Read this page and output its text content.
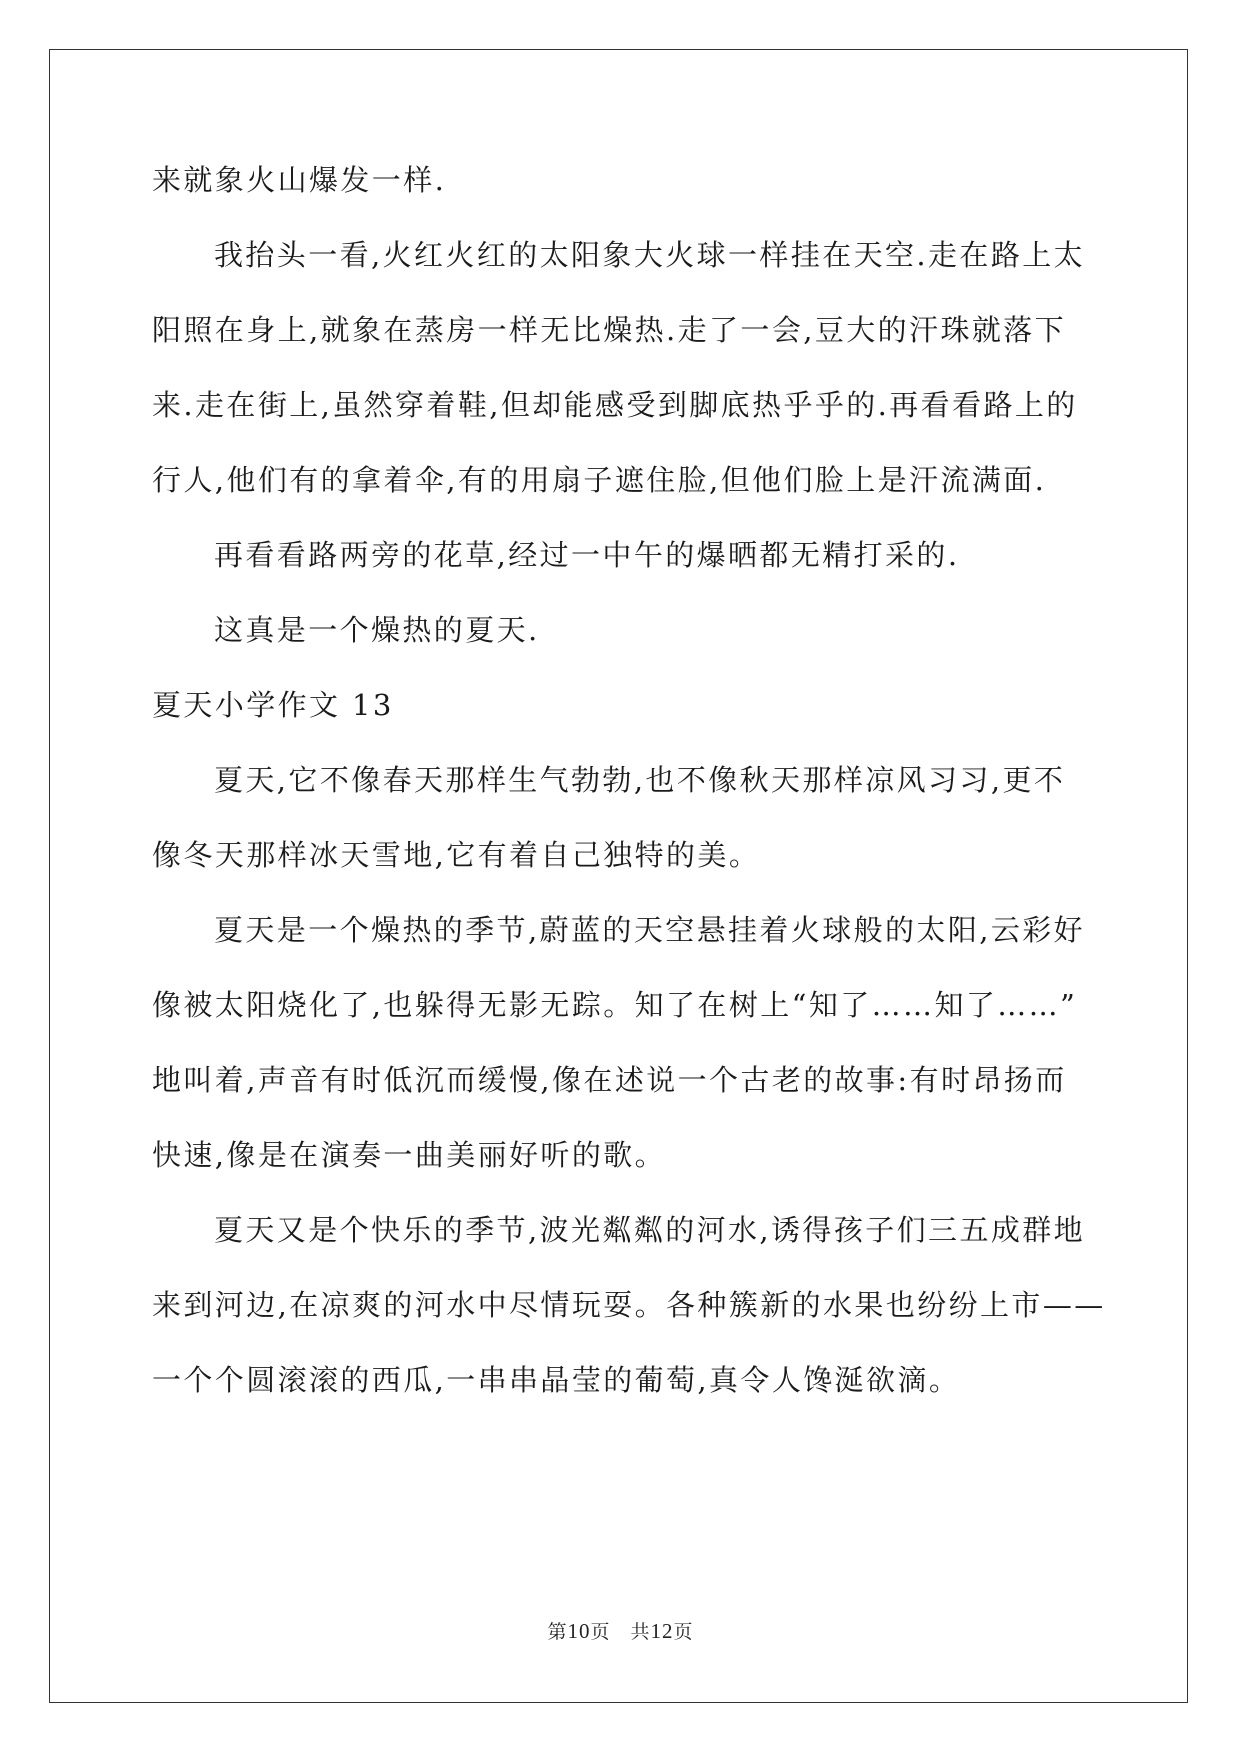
来就象火山爆发一样.
我抬头一看,火红火红的太阳象大火球一样挂在天空.走在路上太
阳照在身上,就象在蒸房一样无比燥热.走了一会,豆大的汗珠就落下
来.走在街上,虽然穿着鞋,但却能感受到脚底热乎乎的.再看看路上的
行人,他们有的拿着伞,有的用扇子遮住脸,但他们脸上是汗流满面.
再看看路两旁的花草,经过一中午的爆晒都无精打采的.
这真是一个燥热的夏天.
夏天小学作文 13
夏天,它不像春天那样生气勃勃,也不像秋天那样凉风习习,更不
像冬天那样冰天雪地,它有着自己独特的美。
夏天是一个燥热的季节,蔚蓝的天空悬挂着火球般的太阳,云彩好
像被太阳烧化了,也躲得无影无踪。知了在树上“知了……知了……”
地叫着,声音有时低沉而缓慢,像在述说一个古老的故事:有时昂扬而
快速,像是在演奏一曲美丽好听的歌。
夏天又是个快乐的季节,波光粼粼的河水,诱得孩子们三五成群地
来到河边,在凉爽的河水中尽情玩耍。各种簇新的水果也纷纷上市——
一个个圆滚滚的西瓜,一串串晶莹的葡萄,真令人馋涎欲滴。
第10页 共12页
